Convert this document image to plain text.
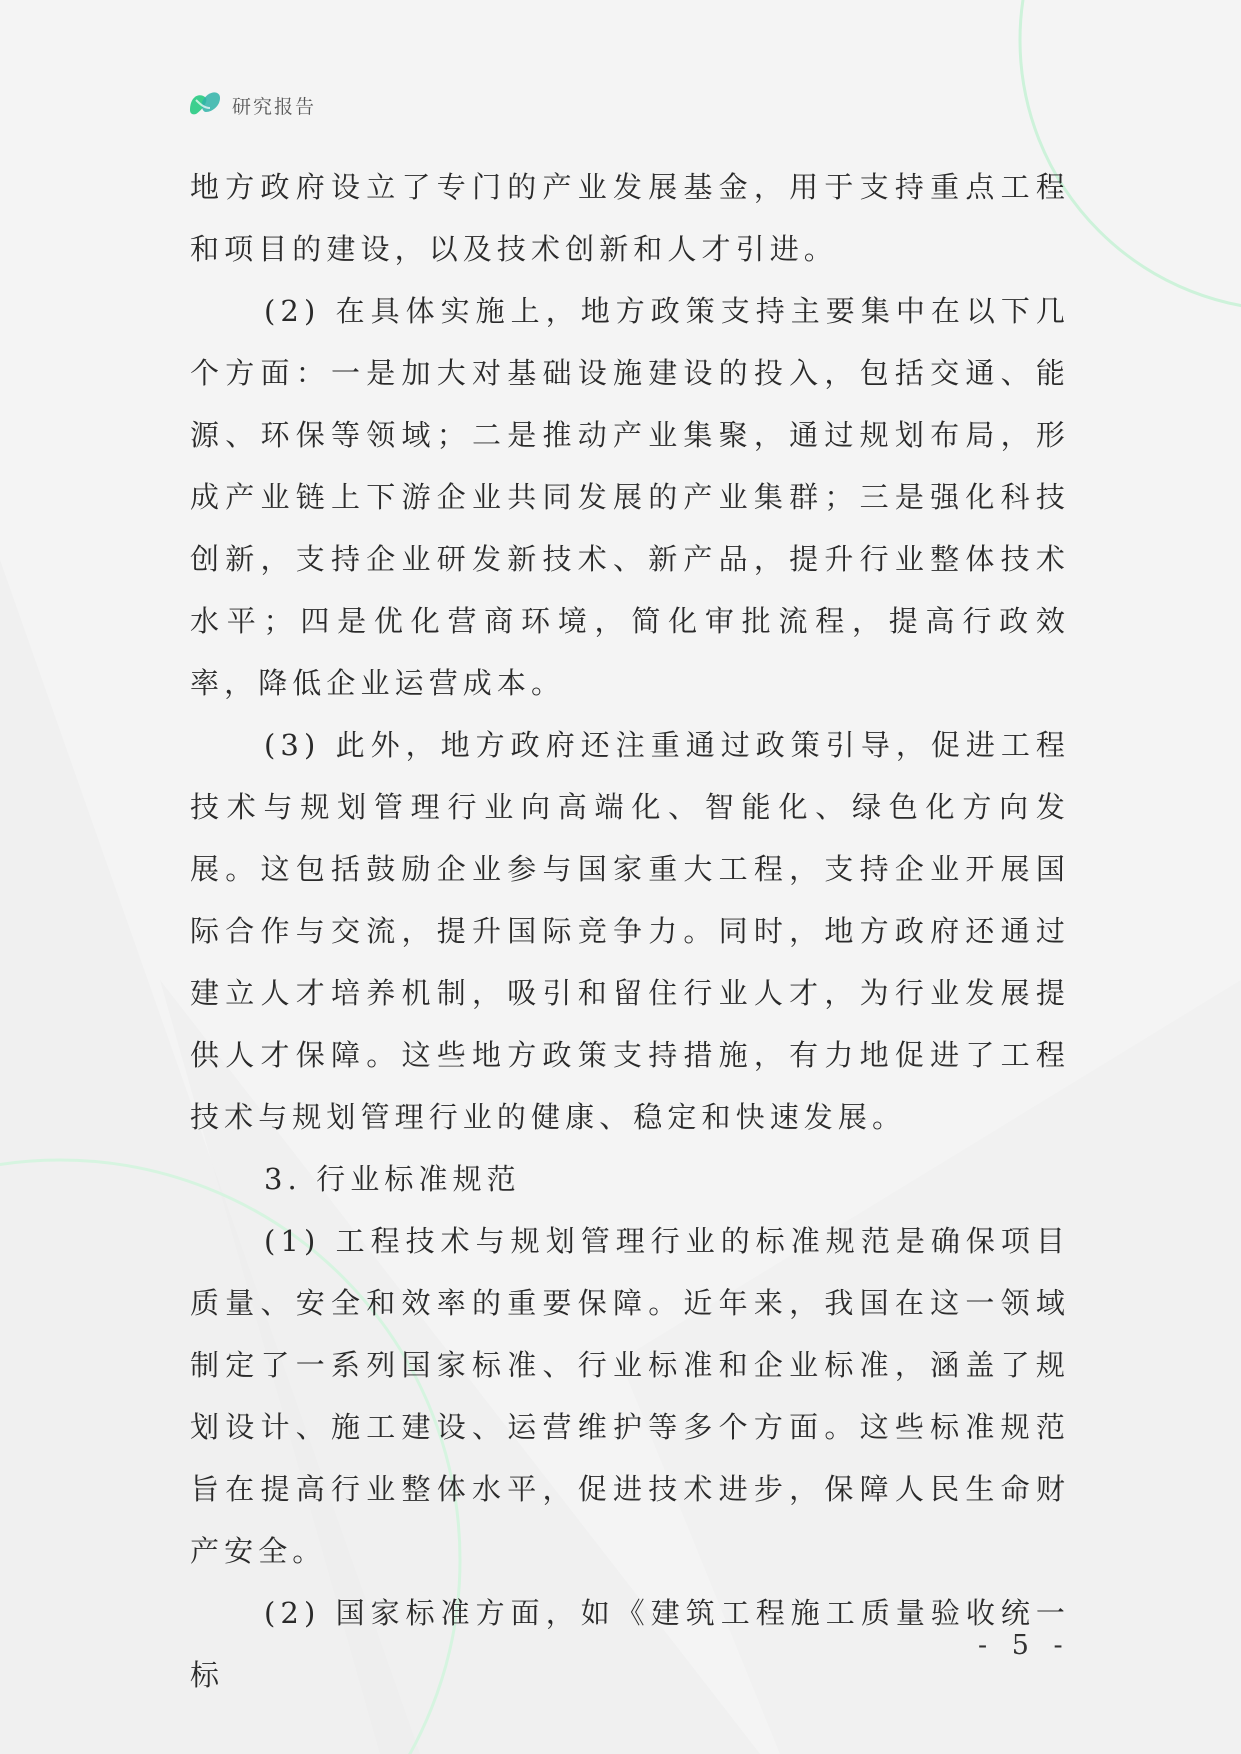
研究报告

地方政府设立了专门的产业发展基金，用于支持重点工程和项目的建设，以及技术创新和人才引进。

(2) 在具体实施上，地方政策支持主要集中在以下几个方面：一是加大对基础设施建设的投入，包括交通、能源、环保等领域；二是推动产业集聚，通过规划布局，形成产业链上下游企业共同发展的产业集群；三是强化科技创新，支持企业研发新技术、新产品，提升行业整体技术水平；四是优化营商环境，简化审批流程，提高行政效率，降低企业运营成本。

(3) 此外，地方政府还注重通过政策引导，促进工程技术与规划管理行业向高端化、智能化、绿色化方向发展。这包括鼓励企业参与国家重大工程，支持企业开展国际合作与交流，提升国际竞争力。同时，地方政府还通过建立人才培养机制，吸引和留住行业人才，为行业发展提供人才保障。这些地方政策支持措施，有力地促进了工程技术与规划管理行业的健康、稳定和快速发展。

3. 行业标准规范

(1) 工程技术与规划管理行业的标准规范是确保项目质量、安全和效率的重要保障。近年来，我国在这一领域制定了一系列国家标准、行业标准和企业标准，涵盖了规划设计、施工建设、运营维护等多个方面。这些标准规范旨在提高行业整体水平，促进技术进步，保障人民生命财产安全。

(2) 国家标准方面，如《建筑工程施工质量验收统一标

- 5 -
